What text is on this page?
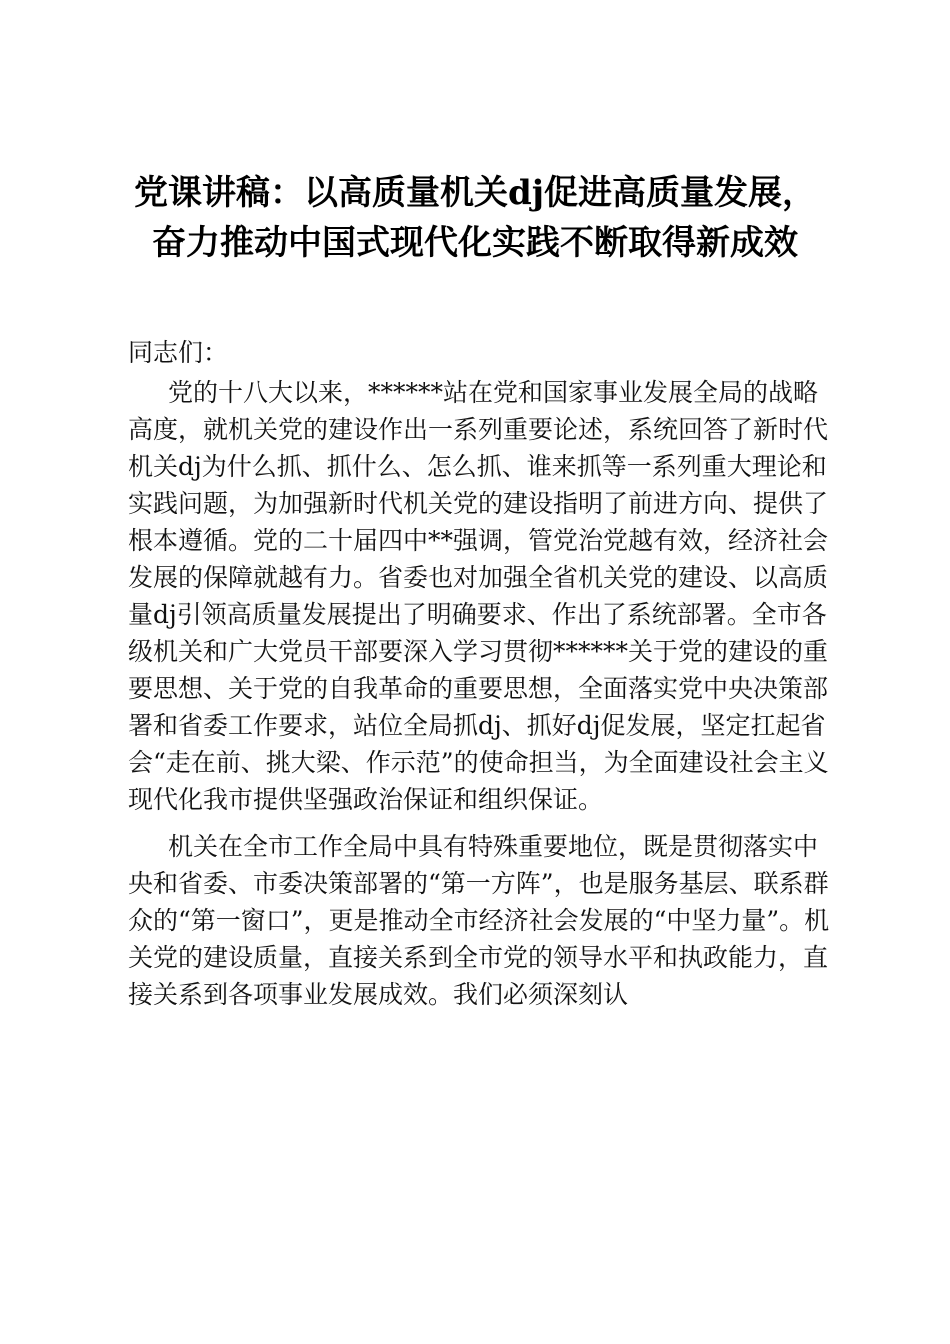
党课讲稿：以高质量机关dj促进高质量发展，奋力推动中国式现代化实践不断取得新成效

同志们：

党的十八大以来，******站在党和国家事业发展全局的战略高度，就机关党的建设作出一系列重要论述，系统回答了新时代机关dj为什么抓、抓什么、怎么抓、谁来抓等一系列重大理论和实践问题，为加强新时代机关党的建设指明了前进方向、提供了根本遵循。党的二十届四中**强调，管党治党越有效，经济社会发展的保障就越有力。省委也对加强全省机关党的建设、以高质量dj引领高质量发展提出了明确要求、作出了系统部署。全市各级机关和广大党员干部要深入学习贯彻******关于党的建设的重要思想、关于党的自我革命的重要思想，全面落实党中央决策部署和省委工作要求，站位全局抓dj、抓好dj促发展，坚定扛起省会“走在前、挑大梁、作示范”的使命担当，为全面建设社会主义现代化我市提供坚强政治保证和组织保证。

机关在全市工作全局中具有特殊重要地位，既是贯彻落实中央和省委、市委决策部署的“第一方阵”，也是服务基层、联系群众的“第一窗口”，更是推动全市经济社会发展的“中坚力量”。机关党的建设质量，直接关系到全市党的领导水平和执政能力，直接关系到各项事业发展成效。我们必须深刻认
